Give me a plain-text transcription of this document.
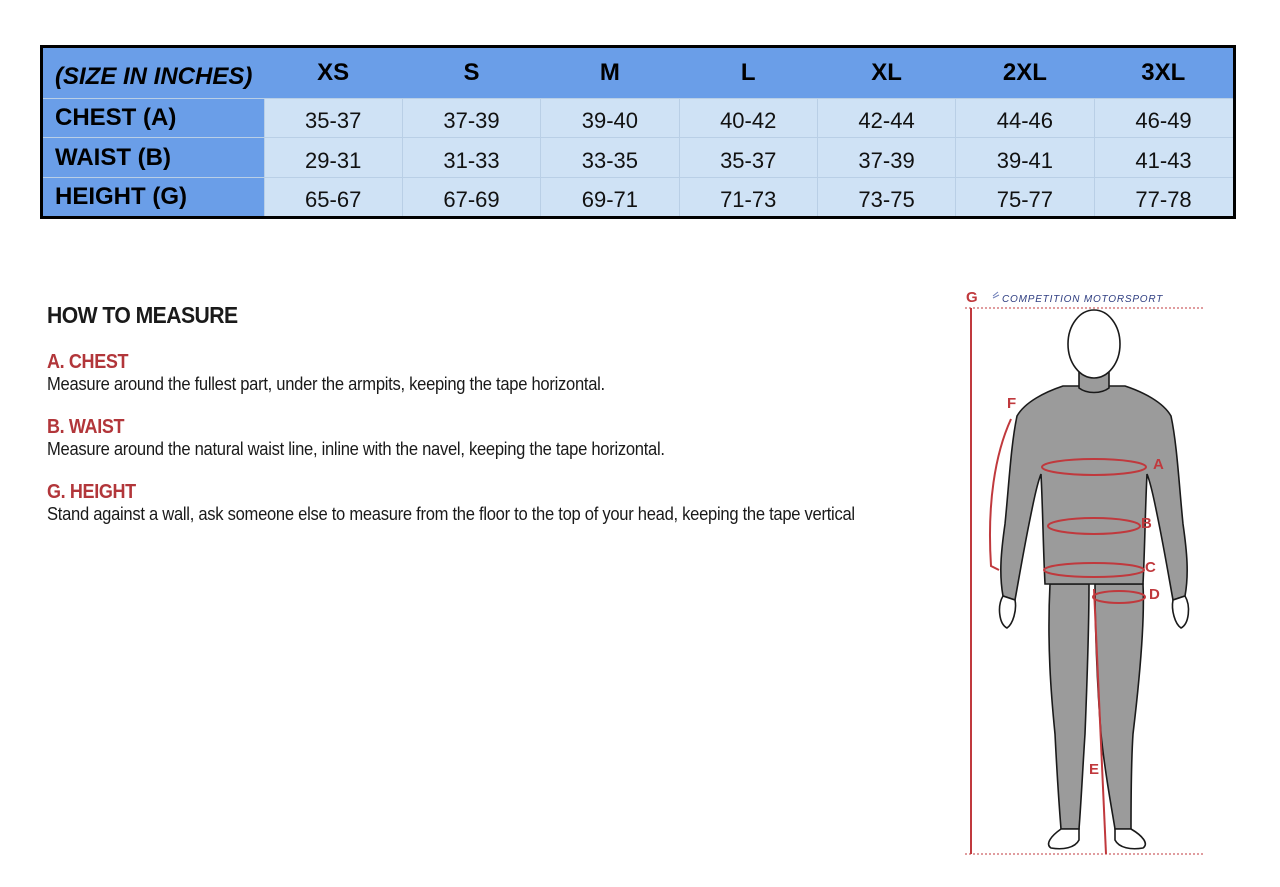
(SIZE IN INCHES)	XS	S	M	L	XL	2XL	3XL
CHEST (A)	35-37	37-39	39-40	40-42	42-44	44-46	46-49
WAIST (B)	29-31	31-33	33-35	35-37	37-39	39-41	41-43
HEIGHT (G)	65-67	67-69	69-71	71-73	73-75	75-77	77-78
HOW TO MEASURE
A. CHEST
Measure around the fullest part, under the armpits, keeping the tape horizontal.
B. WAIST
Measure around the natural waist line, inline with the navel, keeping the tape horizontal.
G. HEIGHT
Stand against a wall, ask someone else to measure from the floor to the top of your head, keeping the tape vertical
G COMPETITION MOTORSPORT
F
A
B
C
D
E
